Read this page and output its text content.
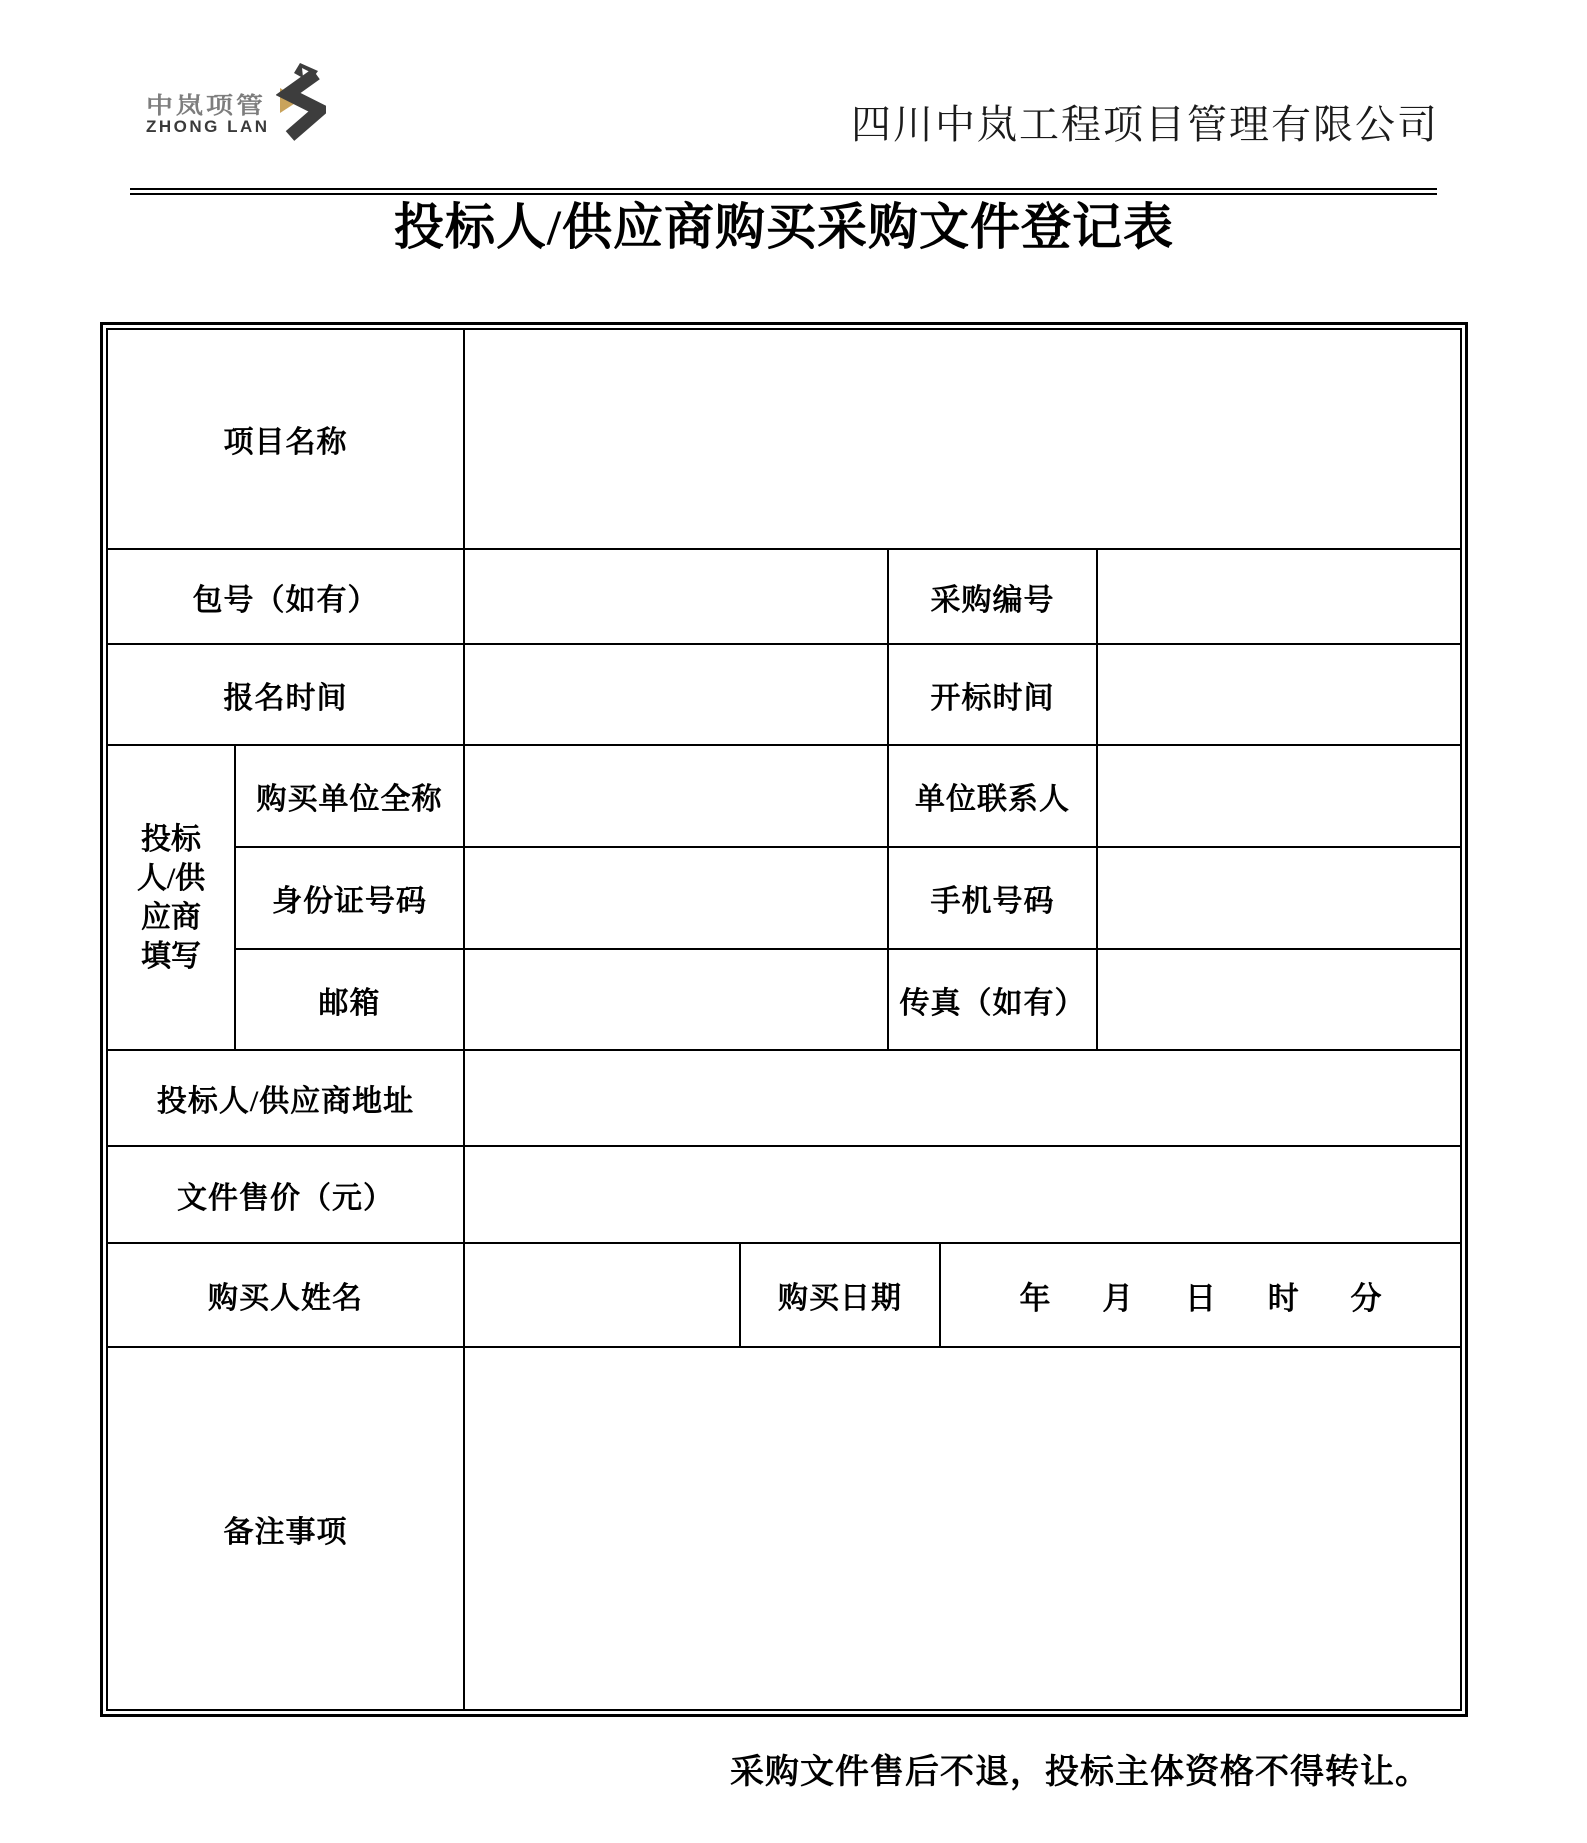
中岚项管
ZHONG LAN	四川中岚工程项目管理有限公司
投标人/供应商购买采购文件登记表
项目名称						
包号（如有）				采购编号		
报名时间				开标时间		

投标
人/供
应商
填写	购买单位全称			单位联系人		
	身份证号码			手机号码		
	邮箱			传真（如有）		
投标人/供应商地址						
文件售价（元）						
购买人姓名			购买日期		年 月 日 时 分	
备注事项						
采购文件售后不退，投标主体资格不得转让。
